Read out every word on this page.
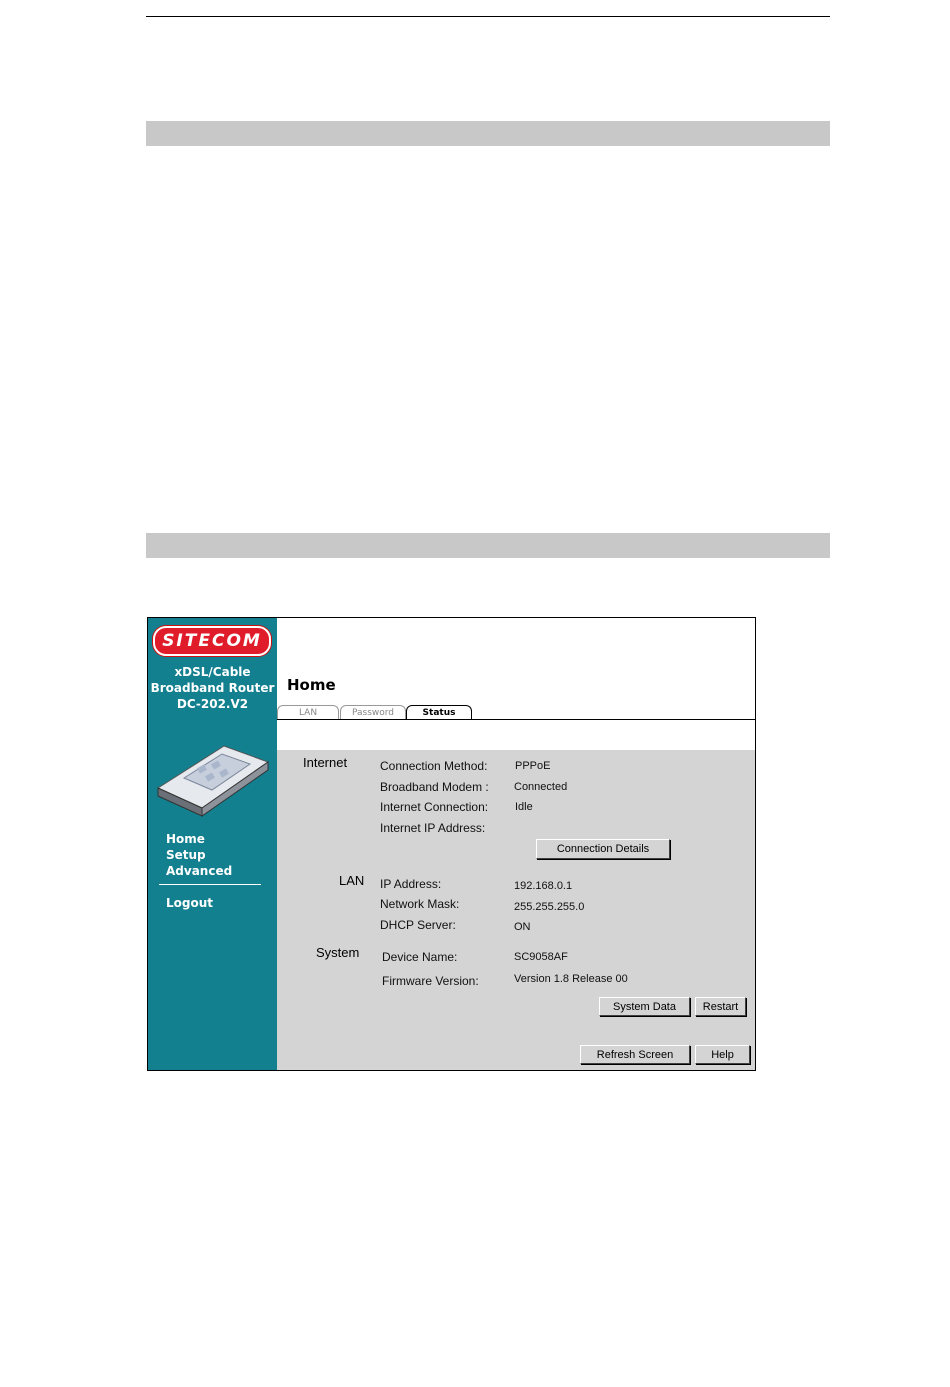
SITECOM
xDSL/Cable
Broadband Router
DC-202.V2
Home
Setup
Advanced
Logout
Home
LAN	Password	Status
Internet	Connection Method:	PPPoE
Broadband Modem : Connected
Internet Connection: Idle
Internet IP Address:
Connection Details
LAN IP Address:	192.168.0.1
Network Mask:	255.255.255.0
DHCP Server:	ON
System Device Name:	SC9058AF
Firmware Version:	Version 1.8 Release 00
System Data	Restart
Refresh Screen	Help
